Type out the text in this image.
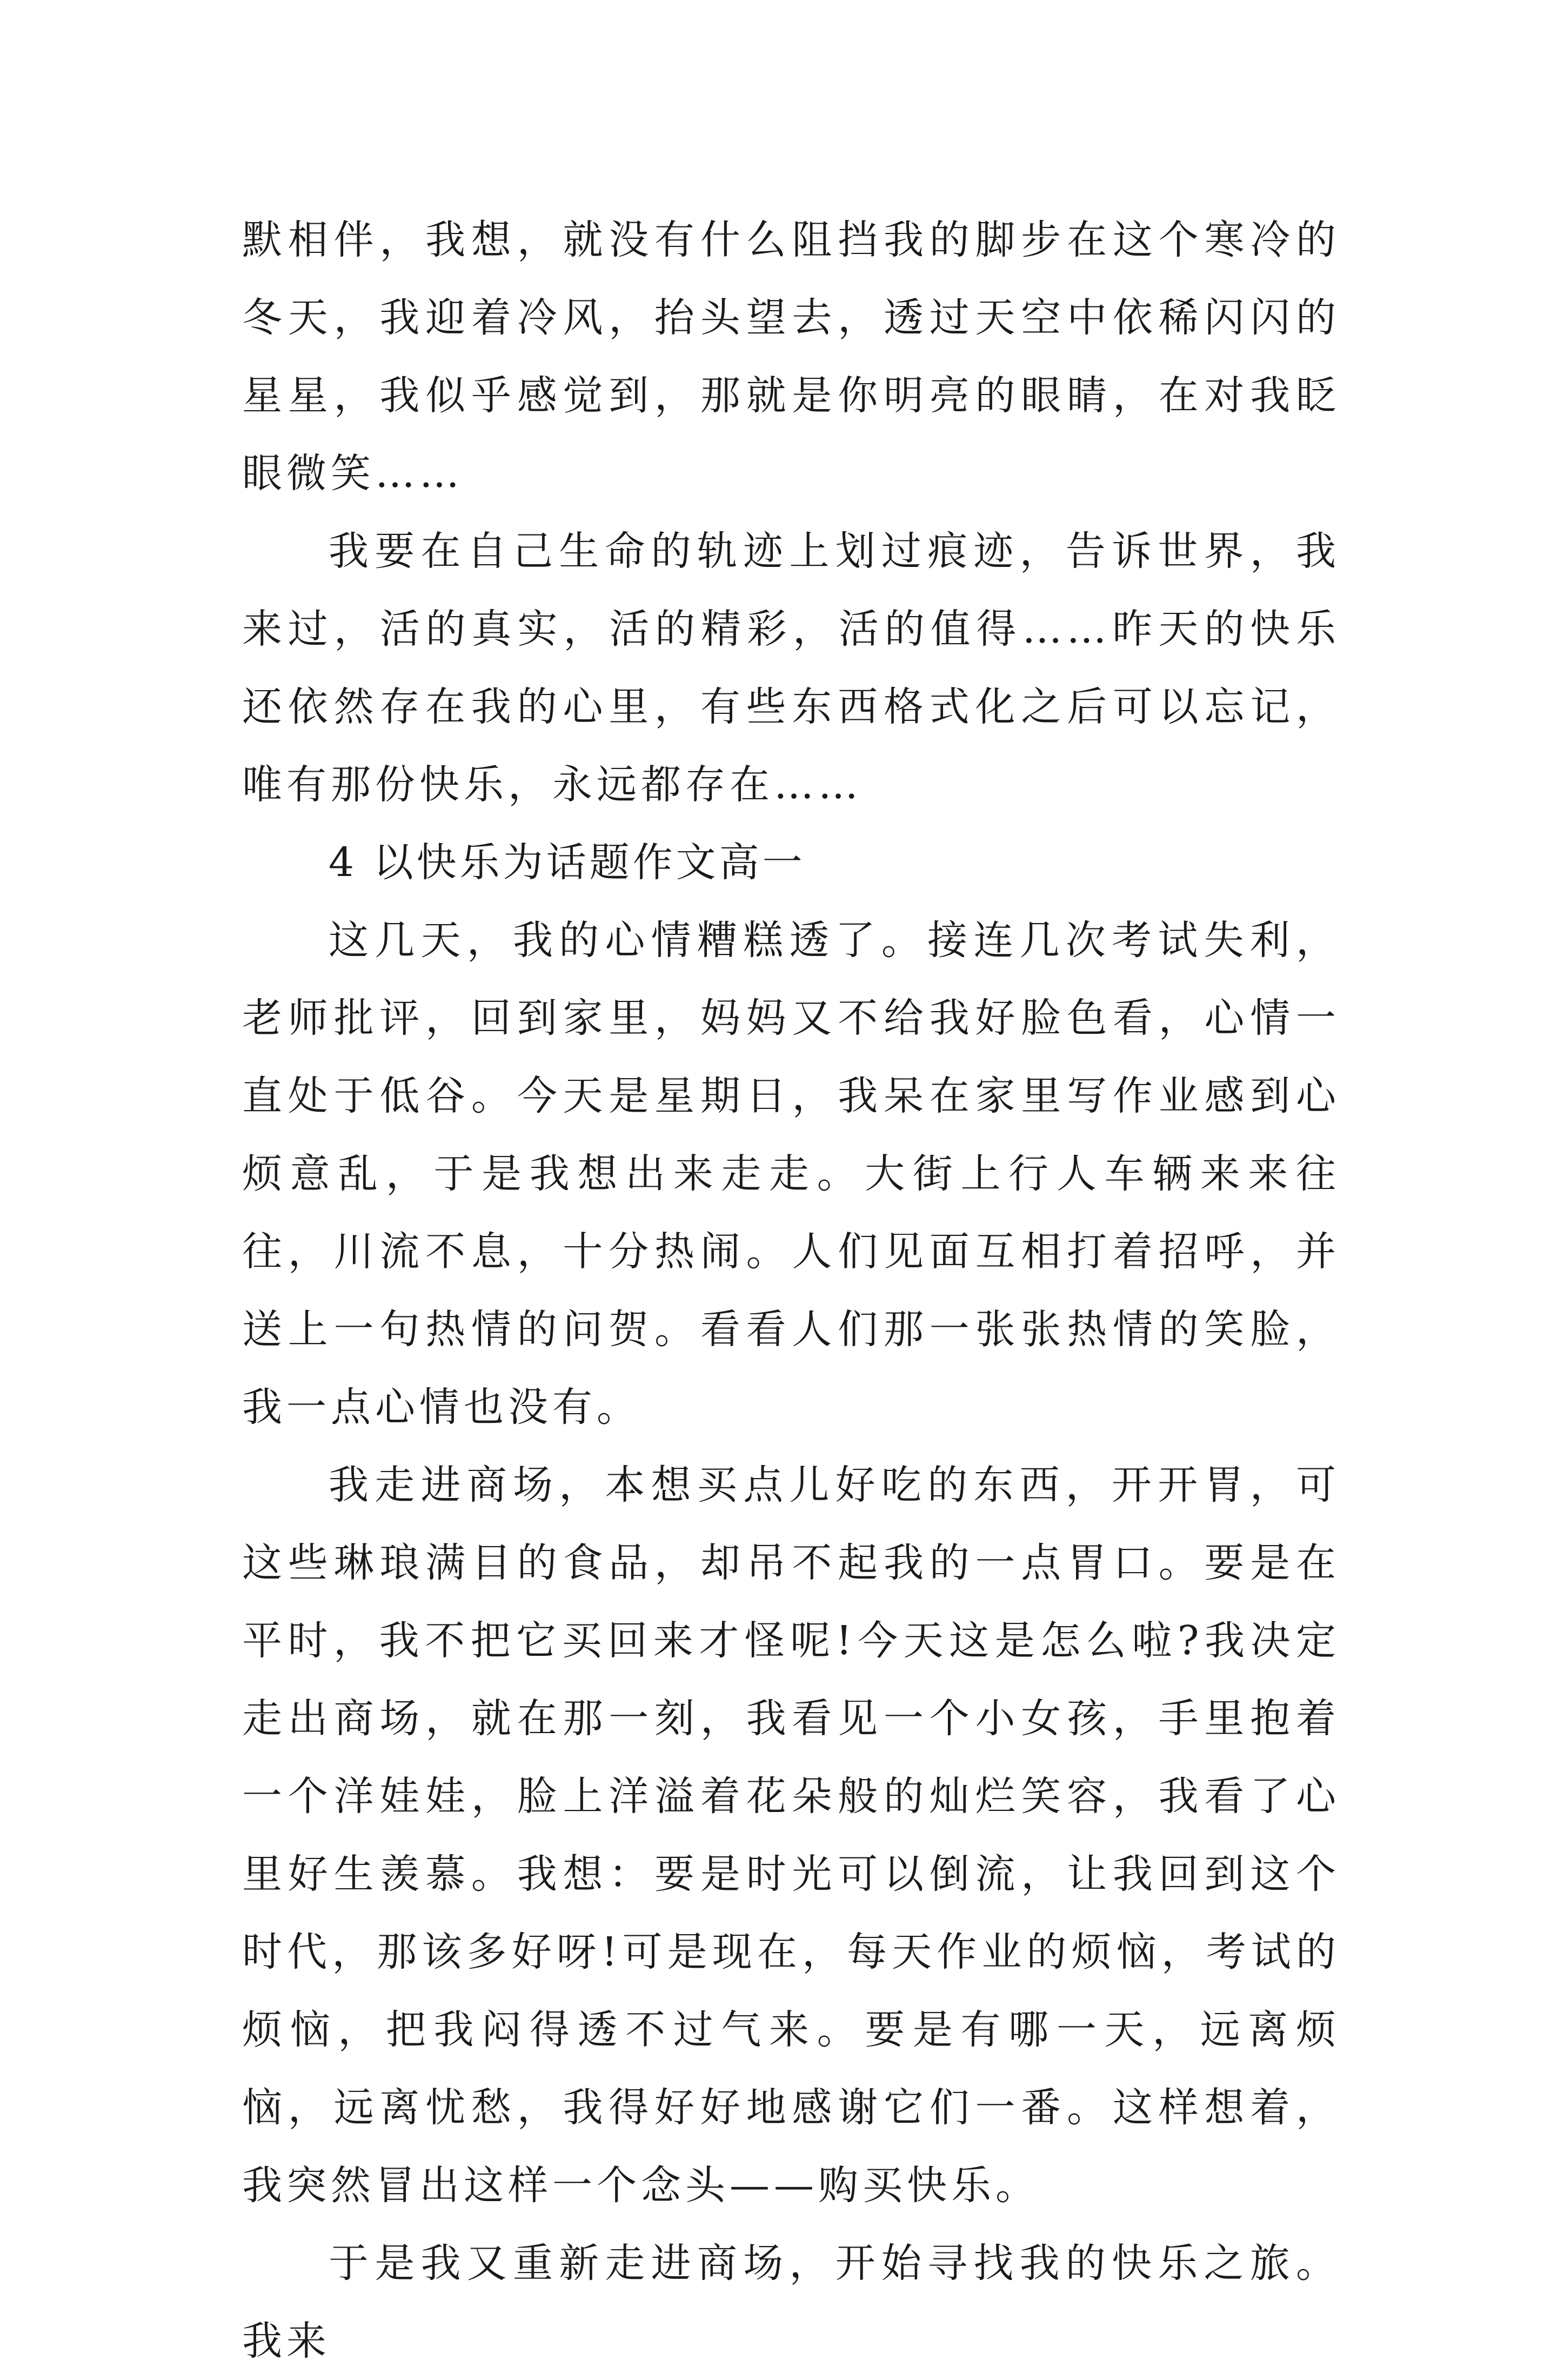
默相伴，我想，就没有什么阻挡我的脚步在这个寒冷的冬天，我迎着冷风，抬头望去，透过天空中依稀闪闪的星星，我似乎感觉到，那就是你明亮的眼睛，在对我眨眼微笑……

我要在自己生命的轨迹上划过痕迹，告诉世界，我来过，活的真实，活的精彩，活的值得……昨天的快乐还依然存在我的心里，有些东西格式化之后可以忘记，唯有那份快乐，永远都存在……

4 以快乐为话题作文高一

这几天，我的心情糟糕透了。接连几次考试失利，老师批评，回到家里，妈妈又不给我好脸色看，心情一直处于低谷。今天是星期日，我呆在家里写作业感到心烦意乱，于是我想出来走走。大街上行人车辆来来往往，川流不息，十分热闹。人们见面互相打着招呼，并送上一句热情的问贺。看看人们那一张张热情的笑脸，我一点心情也没有。

我走进商场，本想买点儿好吃的东西，开开胃，可这些琳琅满目的食品，却吊不起我的一点胃口。要是在平时，我不把它买回来才怪呢!今天这是怎么啦?我决定走出商场，就在那一刻，我看见一个小女孩，手里抱着一个洋娃娃，脸上洋溢着花朵般的灿烂笑容，我看了心里好生羡慕。我想：要是时光可以倒流，让我回到这个时代，那该多好呀!可是现在，每天作业的烦恼，考试的烦恼，把我闷得透不过气来。要是有哪一天，远离烦恼，远离忧愁，我得好好地感谢它们一番。这样想着，我突然冒出这样一个念头——购买快乐。

于是我又重新走进商场，开始寻找我的快乐之旅。我来
